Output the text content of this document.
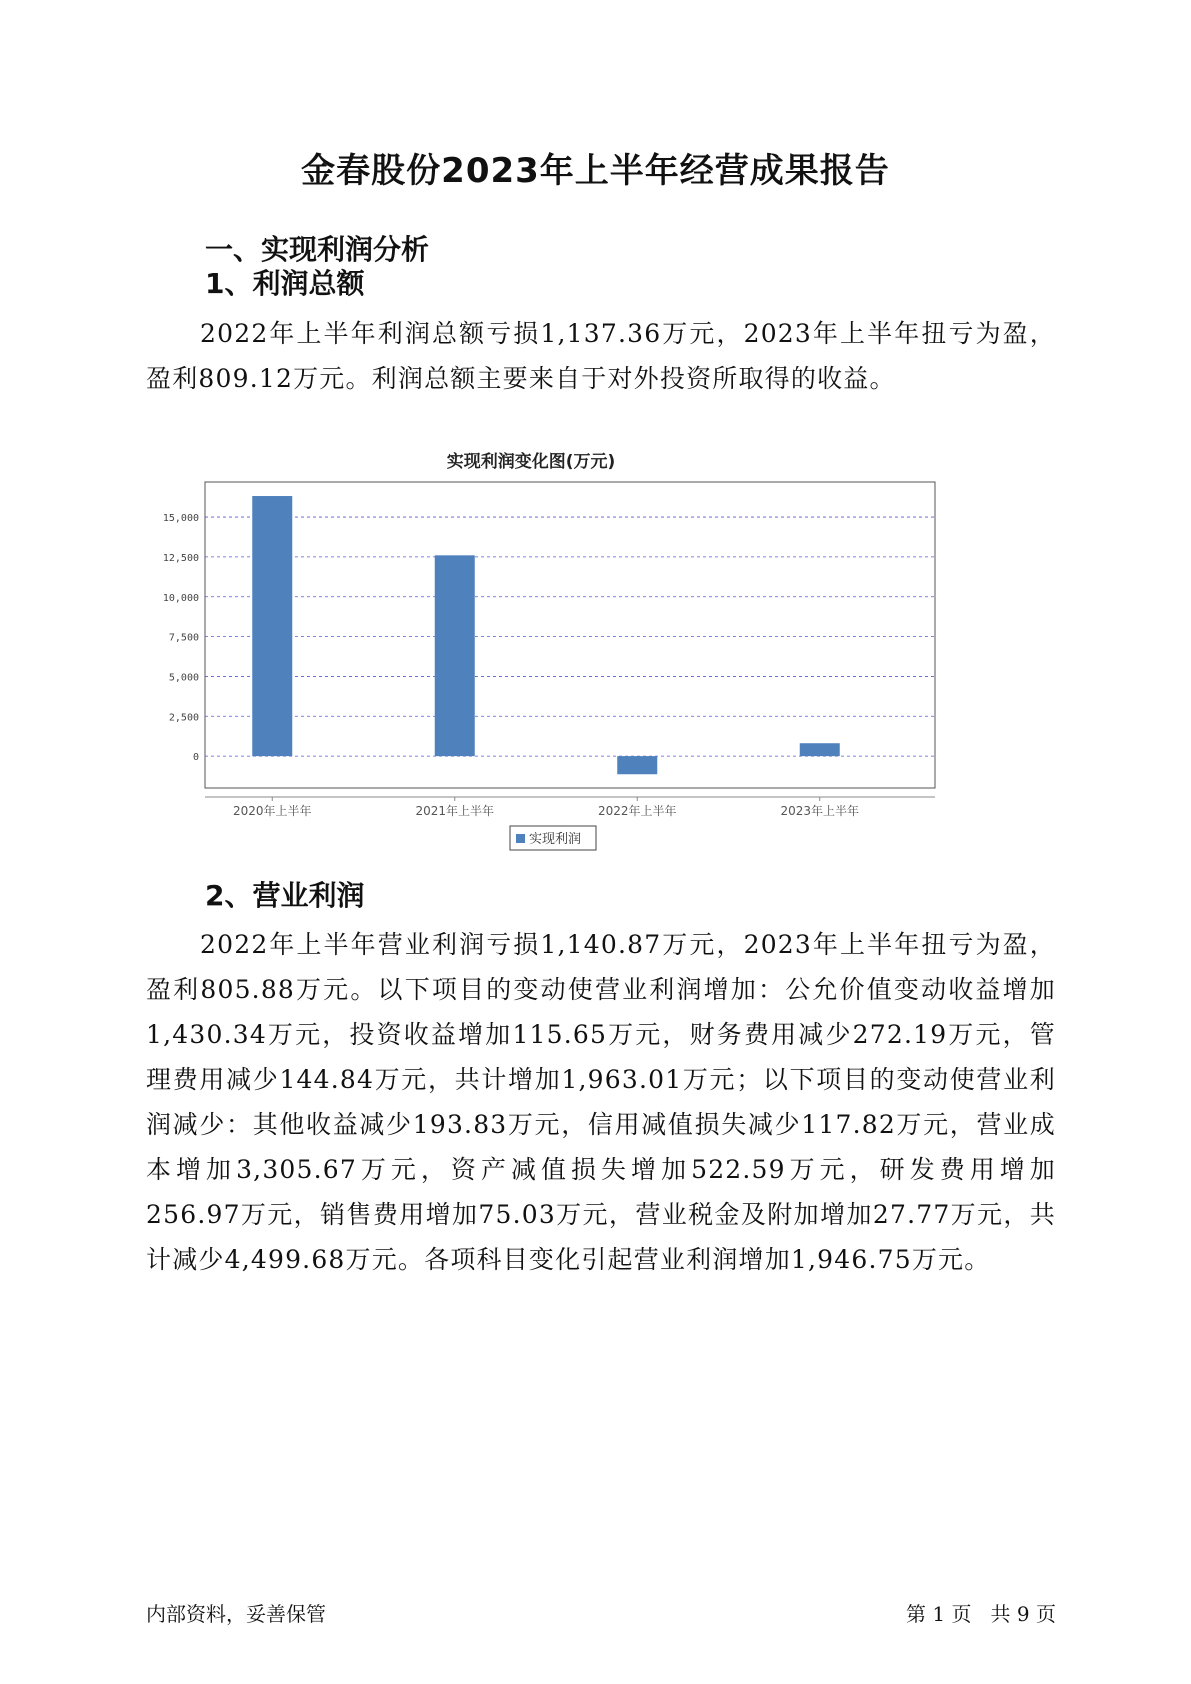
金春股份2023年上半年经营成果报告
一、实现利润分析
1、利润总额

2022年上半年利润总额亏损1,137.36万元，2023年上半年扭亏为盈，盈利809.12万元。利润总额主要来自于对外投资所取得的收益。

实现利润变化图(万元)
0
2,500
5,000
7,500
10,000
12,500
15,000
2020年上半年	2021年上半年	2022年上半年	2023年上半年
实现利润
2、营业利润

2022年上半年营业利润亏损1,140.87万元，2023年上半年扭亏为盈，盈利805.88万元。以下项目的变动使营业利润增加：公允价值变动收益增加1,430.34万元，投资收益增加115.65万元，财务费用减少272.19万元，管理费用减少144.84万元，共计增加1,963.01万元；以下项目的变动使营业利润减少：其他收益减少193.83万元，信用减值损失减少117.82万元，营业成本增加3,305.67万元，资产减值损失增加522.59万元，研发费用增加256.97万元，销售费用增加75.03万元，营业税金及附加增加27.77万元，共计减少4,499.68万元。各项科目变化引起营业利润增加1,946.75万元。

内部资料，妥善保管	第 1 页   共 9 页
